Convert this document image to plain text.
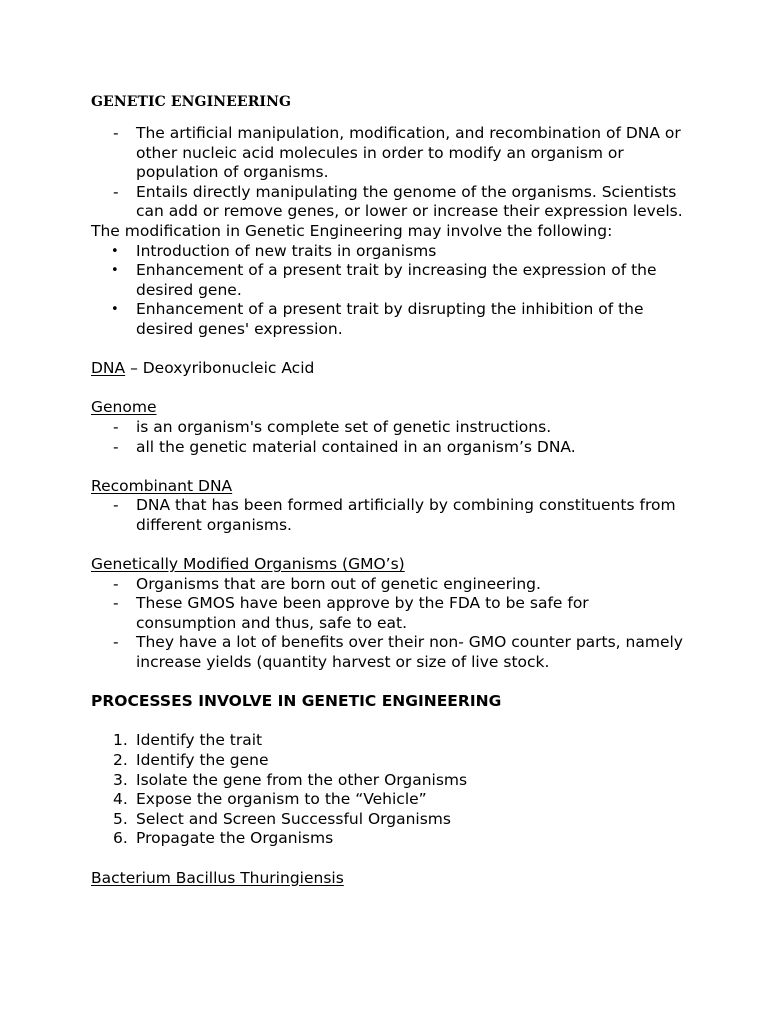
GENETIC ENGINEERING
-	The artificial manipulation, modification, and recombination of DNA or other nucleic acid molecules in order to modify an organism or population of organisms.
-	Entails directly manipulating the genome of the organisms. Scientists can add or remove genes, or lower or increase their expression levels.

The modification in Genetic Engineering may involve the following:

•	Introduction of new traits in organisms
•	Enhancement of a present trait by increasing the expression of the desired gene.
•	Enhancement of a present trait by disrupting the inhibition of the desired genes' expression.

DNA – Deoxyribonucleic Acid

Genome

-	is an organism's complete set of genetic instructions.
-	all the genetic material contained in an organism’s DNA.

Recombinant DNA

-	DNA that has been formed artificially by combining constituents from different organisms.

Genetically Modified Organisms (GMO’s)

-	Organisms that are born out of genetic engineering.
-	These GMOS have been approve by the FDA to be safe for consumption and thus, safe to eat.
-	They have a lot of benefits over their non- GMO counter parts, namely increase yields (quantity harvest or size of live stock.

PROCESSES INVOLVE IN GENETIC ENGINEERING

1. Identify the trait
2. Identify the gene
3. Isolate the gene from the other Organisms
4. Expose the organism to the “Vehicle”
5. Select and Screen Successful Organisms
6. Propagate the Organisms

Bacterium Bacillus Thuringiensis
